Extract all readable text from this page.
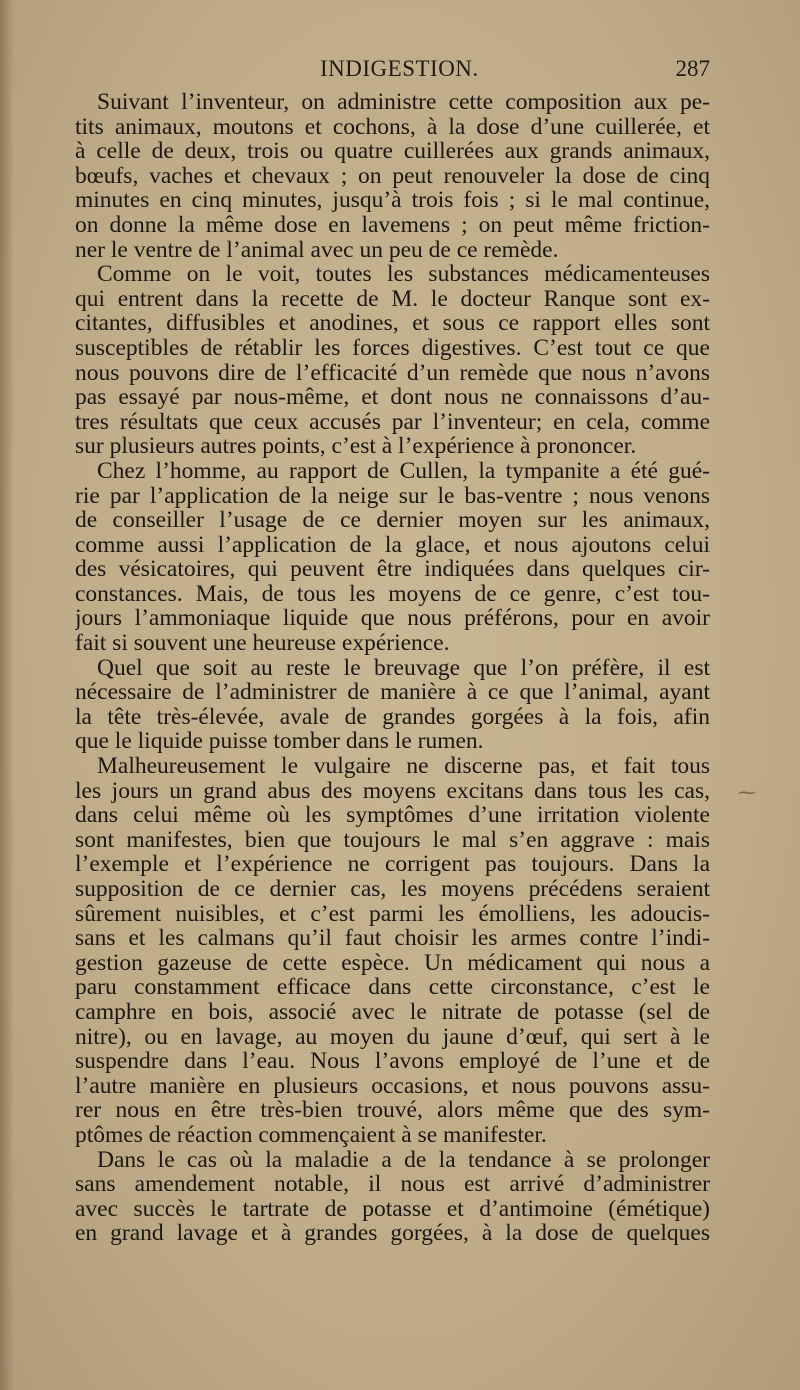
INDIGESTION.	287
Suivant l’inventeur, on administre cette composition aux pe-
tits animaux, moutons et cochons, à la dose d’une cuillerée, et
à celle de deux, trois ou quatre cuillerées aux grands animaux,
bœufs, vaches et chevaux ; on peut renouveler la dose de cinq
minutes en cinq minutes, jusqu’à trois fois ; si le mal continue,
on donne la même dose en lavemens ; on peut même friction-
ner le ventre de l’animal avec un peu de ce remède.
Comme on le voit, toutes les substances médicamenteuses
qui entrent dans la recette de M. le docteur Ranque sont ex-
citantes, diffusibles et anodines, et sous ce rapport elles sont
susceptibles de rétablir les forces digestives. C’est tout ce que
nous pouvons dire de l’efficacité d’un remède que nous n’avons
pas essayé par nous-même, et dont nous ne connaissons d’au-
tres résultats que ceux accusés par l’inventeur; en cela, comme
sur plusieurs autres points, c’est à l’expérience à prononcer.
Chez l’homme, au rapport de Cullen, la tympanite a été gué-
rie par l’application de la neige sur le bas-ventre ; nous venons
de conseiller l’usage de ce dernier moyen sur les animaux,
comme aussi l’application de la glace, et nous ajoutons celui
des vésicatoires, qui peuvent être indiquées dans quelques cir-
constances. Mais, de tous les moyens de ce genre, c’est tou-
jours l’ammoniaque liquide que nous préférons, pour en avoir
fait si souvent une heureuse expérience.
Quel que soit au reste le breuvage que l’on préfère, il est
nécessaire de l’administrer de manière à ce que l’animal, ayant
la tête très-élevée, avale de grandes gorgées à la fois, afin
que le liquide puisse tomber dans le rumen.
Malheureusement le vulgaire ne discerne pas, et fait tous
les jours un grand abus des moyens excitans dans tous les cas,
dans celui même où les symptômes d’une irritation violente
sont manifestes, bien que toujours le mal s’en aggrave : mais
l’exemple et l’expérience ne corrigent pas toujours. Dans la
supposition de ce dernier cas, les moyens précédens seraient
sûrement nuisibles, et c’est parmi les émolliens, les adoucis-
sans et les calmans qu’il faut choisir les armes contre l’indi-
gestion gazeuse de cette espèce. Un médicament qui nous a
paru constamment efficace dans cette circonstance, c’est le
camphre en bois, associé avec le nitrate de potasse (sel de
nitre), ou en lavage, au moyen du jaune d’œuf, qui sert à le
suspendre dans l’eau. Nous l’avons employé de l’une et de
l’autre manière en plusieurs occasions, et nous pouvons assu-
rer nous en être très-bien trouvé, alors même que des sym-
ptômes de réaction commençaient à se manifester.
Dans le cas où la maladie a de la tendance à se prolonger
sans amendement notable, il nous est arrivé d’administrer
avec succès le tartrate de potasse et d’antimoine (émétique)
en grand lavage et à grandes gorgées, à la dose de quelques
⁓
